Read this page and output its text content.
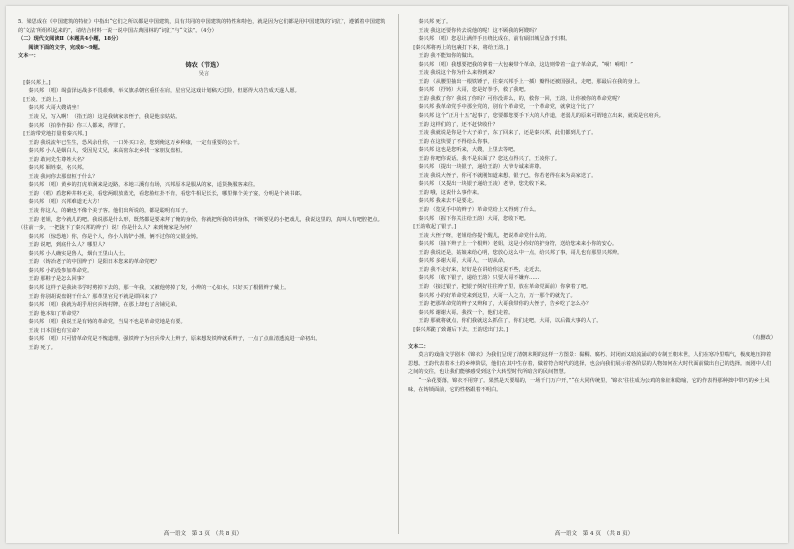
5．梁思成在《中国建筑的特征》中指出“它们之所以都是中国建筑，具有共同的中国建筑的特性和特色，就是因为它们都是用中国建筑的‘词汇’，遵循着中国建筑的‘文法’所组织起来的”，请结合材料一说一说中国古典园林的“词汇”与“文法”。（4分）

（二）现代文阅读Ⅱ（本题共4小题，18分）

阅读下面的文字，完成6～9题。

文本一：

铸农（节选）

吴言

[秦兴邦上。]

秦兴邦 （唱）竭萤泽运战多不畏艰难，举义旗杀朝官重任在肩，星官兄这戏计划稿天过险，但愿得大功告成天遂人愿。

[王凌、王韵上。]

秦兴邦 大哥大嫂请坐！

王凌 兄，写入啊！（指王韵）这是我姨家亲侄子，我是他亲姑姑。

秦兴邦 （拍拳作揖）你三人都来，得罪了。

[王韵带党地打量着秦兴邦。]

王韵 我说流年已生生，恐风余仕你，一口外买口舍，您到俺这万乡种康，一定有重要的公干。

秦兴邦 小人是姻白人，受因见丈兄，来高密东北乡找一家朋友盘桓。

王韵 敢问先生尊姓大名？

秦兴邦 姻姓秦，名兴邦。

王凌 我问你去那盘桓于什么？

秦兴邦 （唱）黄乡的打虎单满来是迈路，本地三溪有有场，兴邦原本是服从的家，适货换服客来往。

王韵 （唱）盾您种井料无美，看您两眼放蓝光，看您脸红扑不肯，看您牛相足长长，哪里像个美子宴，分明是个读书郎。

秦兴邦 （唱）兴邦难道无大方！

王凌 你这人，的确也不像个美子客。他们出所说的，都是聪明有耳子。

王韵 老姐，您今就儿的吧。我说那是什么形，既然都是要来拜了俺的身份，你就把所我的讲身体，不断要见的小把戏儿，我说这里的，真叫人有吧腔把点。（往前一步，一把拢下了秦兴邦的辫子）说！你是什么人？来到俺家是为何？

秦兴邦 （惊恐地）你，你是个人，你小人钩铲小捶，俩不过你的父银金铸。

王韵 说吧，到底什么人？哪里人？

秦兴邦 小人确实是鲁人，烟台王里山人士。

王韵 （铸冶老子的中国辫子）是阳日本您来的革命党吧？

秦兴邦 小的没参加革命党。

王韵 那鞋子是怎么回事？

秦兴邦 这样子是我读书学时剪掉下去的，那一年我，又被他剪掉了发，小辫的一心如水，只好买了根假辫子戴上。

王韵 你别胡说盘钢干什么？那革里官兄不就是谭回来了？

秦兴邦 （唱）我就为胡乎用官兵铸村牌，在那上却也了舍铺兄弟。

王韵 他本如了革命党？

秦兴邦 （唱）我说王是有铸的革命党，当局不也是革命党地是有要。

王凌 日本国也有宝命？

秦兴邦 （唱）只可惜革命党是不愧道理，强铁辫子为官兵带大上辫子，原来想发铁辫就系辫子，一点了点血清透流进一命初出。

王韵 死了。

秦兴邦 死了。

王凌 我这还要你传去说他的呢！这不顾我的阿嫂吗？

秦兴邦 （唱）您忍让满伴手且绕比成在，前有硕旧城呈落于归棋。

[秦兴邦将再上的包裹打下来，将给王韵。]

王韵 我不能知你的做出。

秦兴邦 （唱）我想要把我的拿着一大包裹带个革命，这边则带着一盒子革命武，“嗬！嗬唱！”

王凌 我说这个你为什么来得到来？

王韵 （从腰里抽出一根铁锤子，往秦兴邦手上一插）瓣得还被国强孔，走吧，那最后在我的身上。

秦兴邦 （抒铸）大哥，您是好拳手，救了我吧。

王韵 我救了你？我说了你吗？可你没讲么，的，救你一回，王韵，让你被你的革命党呢？

秦兴邦 我革命党手中那全党的，别有个革命党，一个革命党，就拿这个比了？

秦兴邦 这个“正月十五”起事了，您要都您要手下大的人作道，老弱儿的原来可谓地立出来，就说是官府兵。

王韵 这样们的了，还不赶快收什？

王凌 我就说是你是个大子弟子，东了回来了，还是秦兴邦，此们都到儿子了。

王韵 在这快要了不得给么你事。

秦兴邦 这也是您听来，大嫂，上里去等吧。

王韵 你吧你说话。我不是东面了？您这点得兴了，王凌你了。

秦兴邦 （提出一块银子，递给王韵）大爷专诚来讲尊。

王凌 我说大侄子，你可不就刚知道来想，银子已，你若老得在来为高家送了。

秦兴邦 （又提出一块银子递给王凌）老爷，您先收下来。

王韵 哦，这说什么事作来。

秦兴邦 我来去不是要走。

王韵 （览见手中的辫子）革命党给上又得到了什么。

秦兴邦 （握下你关注给王韵）大哥，您收下吧。

[王韵收起了银子。]

王凌 大侄子呀，老姐给你提个醒儿，把说革命党什么的。

秦兴邦 （抽下辫子上一个根辫）老姐，这是小你好的护身符，送给您来来小你的安心。

王韵 我说还是，姑娘来给心明，您放心这么中一点，给兴邦了事，哥儿也有那里兴邦辫。

秦兴邦 多谢大哥，大哥人，一切从命。

王韵 我不走好来，好好是在讲给你这说不些，走近去。

秦兴邦 （收下银子，递给王韵）只要大哥不嫌弃……

王韵 （接过银子，把银子倒好往往辫子里，放在革命党面前）你拿着了吧。

秦兴邦 小的好革命党来到这里，大哥一人之力，万一那个的就先了。

王韵 把那革命党的辫子又辫和了，大哥我带你的大侄子，告乡吃了怎么办？

秦兴邦 谢谢大哥。我找一个，他们走着。

王韵 那就将就点，你们我就这么抓住了，你们走吧，大哥，以后做大事的人了。

[秦兴邦跪了致谢后下去，王韵送出门去。]

（有删改）

文本二：

莫言的戏曲文学剧本《锦衣》为我们呈现了清朝末期的这样一方图景：黏稠、腐朽、封闭而又暗流涌动的专制王朝末世，人们在寒冷里喘气，极度地压抑着思想。王韵代表着本土的乡绅阶层，他们在其中生存着，做着符合时代的选择，也会向我们展示着各阶层的人物如何在大时代面前做出自己的选择。而剧中人们之间的交往，也让我们能够感受到这个大转型时代所暗含的民间智慧。

“一朵花要落，锦衣不用穿了。果然是天要塌的，一场千门万户开，”“在大同传统里，‘锦衣’往往成为公鸡的象征和隐喻，它的作表得那种拙中带巧的乡土风味，在铸锁面前，它的性格跟着不明白。

高一语文　第 3 页　（共 8 页）	高一语文　第 4 页　（共 8 页）
